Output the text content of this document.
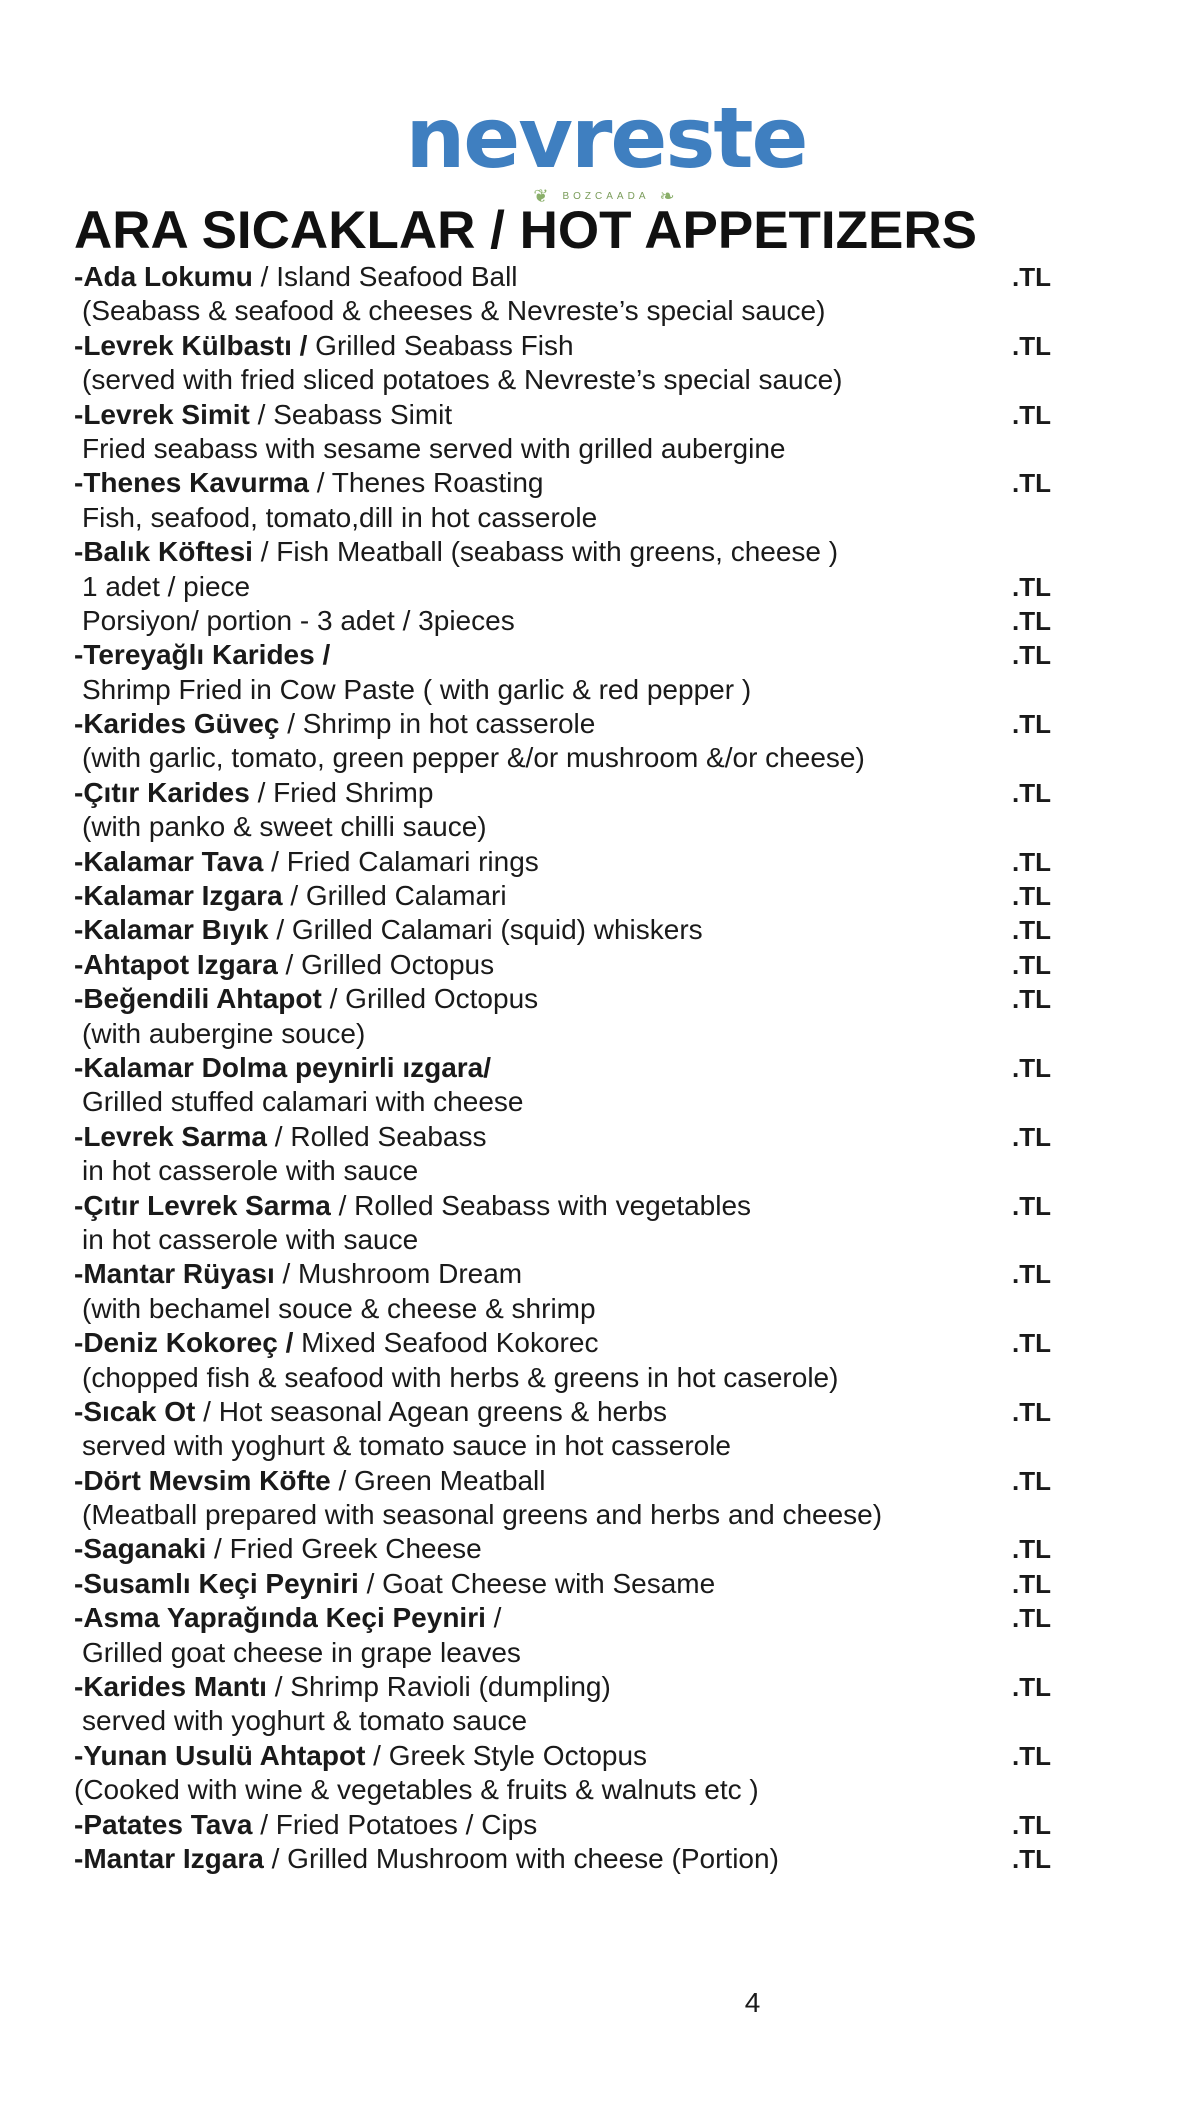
nevreste
❦ BOZCAADA ❧
ARA SICAKLAR / HOT APPETIZERS
-Ada Lokumu / Island Seafood Ball	.TL
(Seabass & seafood & cheeses & Nevreste’s special sauce)
-Levrek Külbastı / Grilled Seabass Fish	.TL
(served with fried sliced potatoes & Nevreste’s special sauce)
-Levrek Simit / Seabass Simit	.TL
Fried seabass with sesame served with grilled aubergine
-Thenes Kavurma / Thenes Roasting	.TL
Fish, seafood, tomato,dill in hot casserole
-Balık Köftesi / Fish Meatball (seabass with greens, cheese )
1 adet / piece	.TL
Porsiyon/ portion - 3 adet / 3pieces	.TL
-Tereyağlı Karides /	.TL
Shrimp Fried in Cow Paste ( with garlic & red pepper )
-Karides Güveç / Shrimp in hot casserole	.TL
(with garlic, tomato, green pepper &/or mushroom &/or cheese)
-Çıtır Karides / Fried Shrimp	.TL
(with panko & sweet chilli sauce)
-Kalamar Tava / Fried Calamari rings	.TL
-Kalamar Izgara / Grilled Calamari	.TL
-Kalamar Bıyık / Grilled Calamari (squid) whiskers	.TL
-Ahtapot Izgara / Grilled Octopus	.TL
-Beğendili Ahtapot / Grilled Octopus	.TL
(with aubergine souce)
-Kalamar Dolma peynirli ızgara/	.TL
Grilled stuffed calamari with cheese
-Levrek Sarma / Rolled Seabass	.TL
in hot casserole with sauce
-Çıtır Levrek Sarma / Rolled Seabass with vegetables	.TL
in hot casserole with sauce
-Mantar Rüyası / Mushroom Dream	.TL
(with bechamel souce & cheese & shrimp
-Deniz Kokoreç / Mixed Seafood Kokorec	.TL
(chopped fish & seafood with herbs & greens in hot caserole)
-Sıcak Ot / Hot seasonal Agean greens & herbs	.TL
served with yoghurt & tomato sauce in hot casserole
-Dört Mevsim Köfte / Green Meatball	.TL
(Meatball prepared with seasonal greens and herbs and cheese)
-Saganaki / Fried Greek Cheese	.TL
-Susamlı Keçi Peyniri / Goat Cheese with Sesame	.TL
-Asma Yaprağında Keçi Peyniri /	.TL
Grilled goat cheese in grape leaves
-Karides Mantı / Shrimp Ravioli (dumpling)	.TL
served with yoghurt & tomato sauce
-Yunan Usulü Ahtapot / Greek Style Octopus	.TL
(Cooked with wine & vegetables & fruits & walnuts etc )
-Patates Tava / Fried Potatoes / Cips	.TL
-Mantar Izgara / Grilled Mushroom with cheese (Portion)	.TL
4
